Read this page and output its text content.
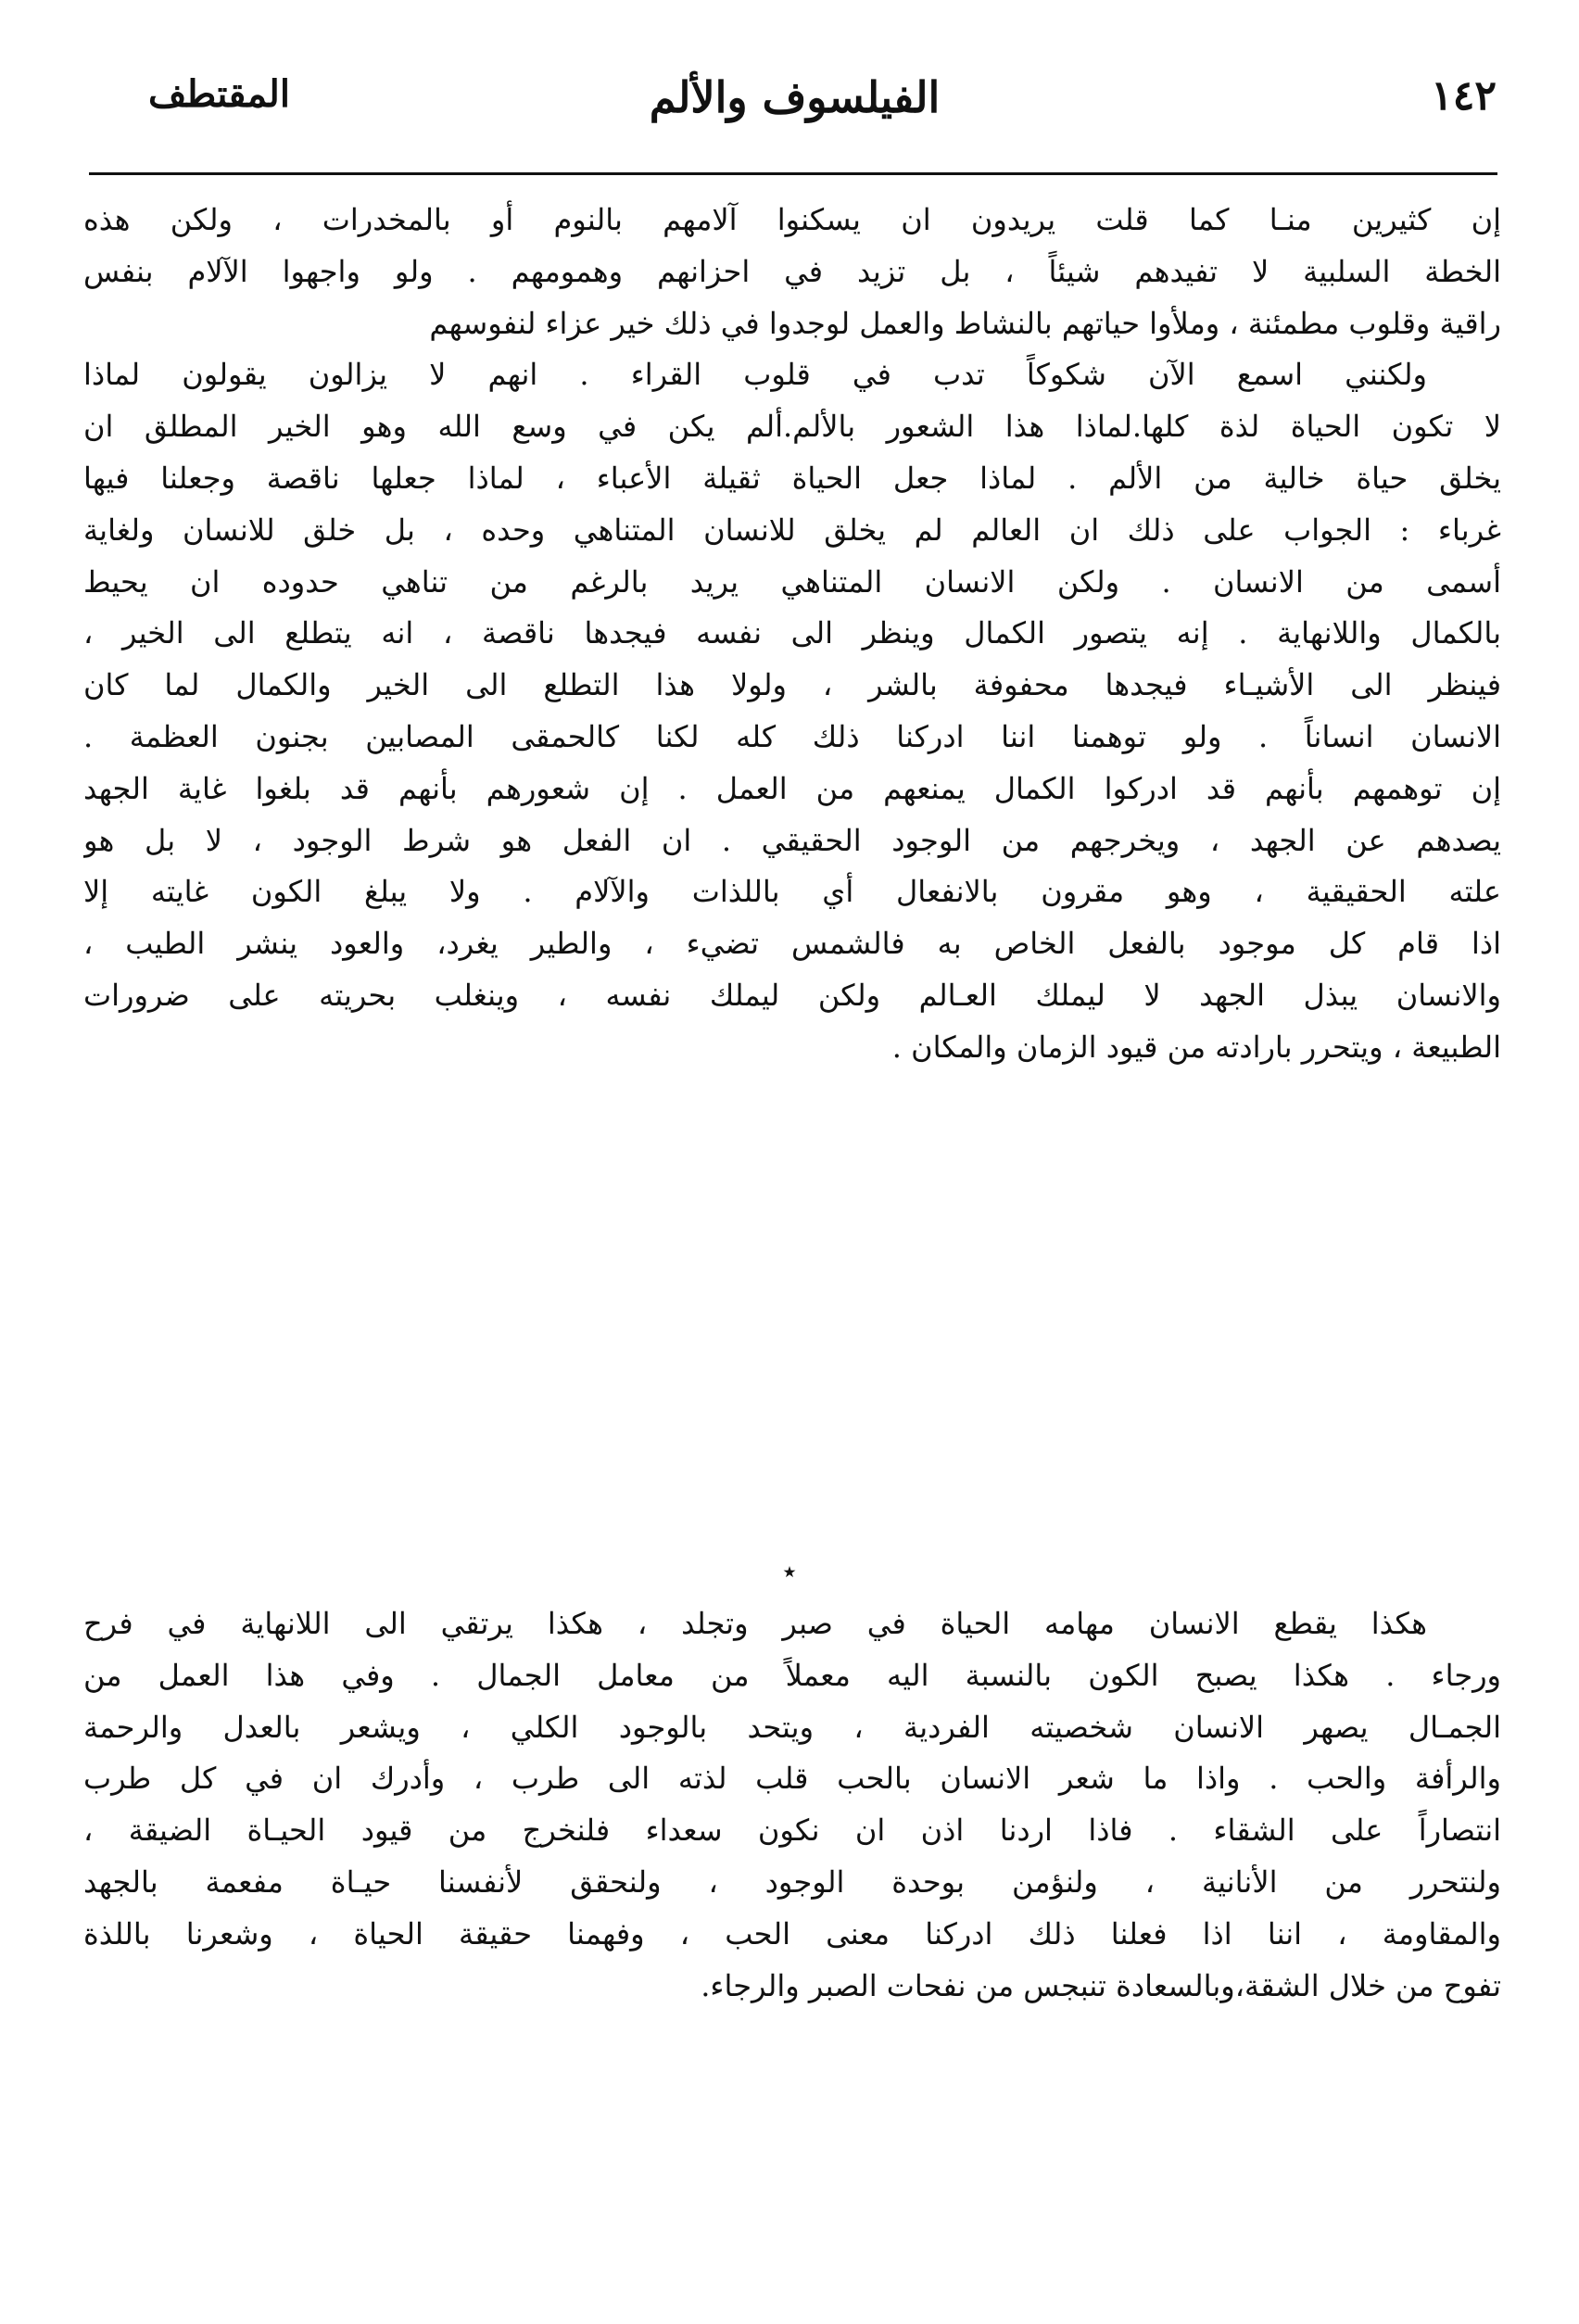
المقتطف	الفيلسوف والألم	١٤٢
إن كثيرين منـا كما قلت يريدون ان يسكنوا آلامهم بالنوم أو بالمخدرات ، ولكن هذه
الخطة السلبية لا تفيدهم شيئاً ، بل تزيد في احزانهم وهمومهم . ولو واجهوا الآلام بنفس
راقية وقلوب مطمئنة ، وملأوا حياتهم بالنشاط والعمل لوجدوا في ذلك خير عزاء لنفوسهم
ولكنني اسمع الآن شكوكاً تدب في قلوب القراء . انهم لا يزالون يقولون لماذا
لا تكون الحياة لذة كلها.لماذا هذا الشعور بالألم.ألم يكن في وسع الله وهو الخير المطلق ان
يخلق حياة خالية من الألم . لماذا جعل الحياة ثقيلة الأعباء ، لماذا جعلها ناقصة وجعلنا فيها
غرباء : الجواب على ذلك ان العالم لم يخلق للانسان المتناهي وحده ، بل خلق للانسان ولغاية
أسمى من الانسان . ولكن الانسان المتناهي يريد بالرغم من تناهي حدوده ان يحيط
بالكمال واللانهاية . إنه يتصور الكمال وينظر الى نفسه فيجدها ناقصة ، انه يتطلع الى الخير ،
فينظر الى الأشيـاء فيجدها محفوفة بالشر ، ولولا هذا التطلع الى الخير والكمال لما كان
الانسان انساناً . ولو توهمنا اننا ادركنا ذلك كله لكنا كالحمقى المصابين بجنون العظمة .
إن توهمهم بأنهم قد ادركوا الكمال يمنعهم من العمل . إن شعورهم بأنهم قد بلغوا غاية الجهد
يصدهم عن الجهد ، ويخرجهم من الوجود الحقيقي . ان الفعل هو شرط الوجود ، لا بل هو
علته الحقيقية ، وهو مقرون بالانفعال أي باللذات والآلام . ولا يبلغ الكون غايته إلا
اذا قام كل موجود بالفعل الخاص به فالشمس تضيء ، والطير يغرد، والعود ينشر الطيب ،
والانسان يبذل الجهد لا ليملك العـالم ولكن ليملك نفسه ، وينغلب بحريته على ضرورات
الطبيعة ، ويتحرر بارادته من قيود الزمان والمكان .
٭
هكذا يقطع الانسان مهامه الحياة في صبر وتجلد ، هكذا يرتقي الى اللانهاية في فرح
ورجاء . هكذا يصبح الكون بالنسبة اليه معملاً من معامل الجمال . وفي هذا العمل من
الجمـال يصهر الانسان شخصيته الفردية ، ويتحد بالوجود الكلي ، ويشعر بالعدل والرحمة
والرأفة والحب . واذا ما شعر الانسان بالحب قلب لذته الى طرب ، وأدرك ان في كل طرب
انتصاراً على الشقاء . فاذا اردنا اذن ان نكون سعداء فلنخرج من قيود الحيـاة الضيقة ،
ولنتحرر من الأنانية ، ولنؤمن بوحدة الوجود ، ولنحقق لأنفسنا حيـاة مفعمة بالجهد
والمقاومة ، اننا اذا فعلنا ذلك ادركنا معنى الحب ، وفهمنا حقيقة الحياة ، وشعرنا باللذة
تفوح من خلال الشقة،وبالسعادة تنبجس من نفحات الصبر والرجاء.
